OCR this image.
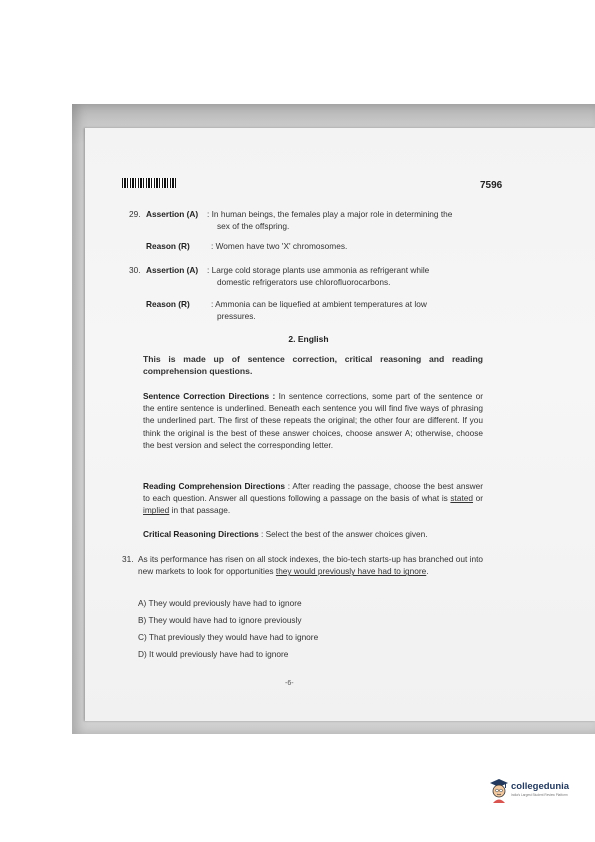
7596
29. Assertion (A) : In human beings, the females play a major role in determining the
sex of the offspring.
Reason (R)	: Women have two 'X' chromosomes.
30. Assertion (A) : Large cold storage plants use ammonia as refrigerant while
domestic refrigerators use chlorofluorocarbons.
Reason (R)	: Ammonia can be liquefied at ambient temperatures at low
pressures.
2. English
This is made up of sentence correction, critical reasoning and reading comprehension questions.
Sentence Correction Directions : In sentence corrections, some part of the sentence or the entire sentence is underlined. Beneath each sentence you will find five ways of phrasing the underlined part. The first of these repeats the original; the other four are different. If you think the original is the best of these answer choices, choose answer A; otherwise, choose the best version and select the corresponding letter.
Reading Comprehension Directions : After reading the passage, choose the best answer to each question. Answer all questions following a passage on the basis of what is stated or implied in that passage.
Critical Reasoning Directions : Select the best of the answer choices given.
31. As its performance has risen on all stock indexes, the bio-tech starts-up has branched out into new markets to look for opportunities they would previously have had to ignore.
A) They would previously have had to ignore
B) They would have had to ignore previously
C) That previously they would have had to ignore
D) It would previously have had to ignore
-6-
collegedunia
India's Largest Student Review Platform
